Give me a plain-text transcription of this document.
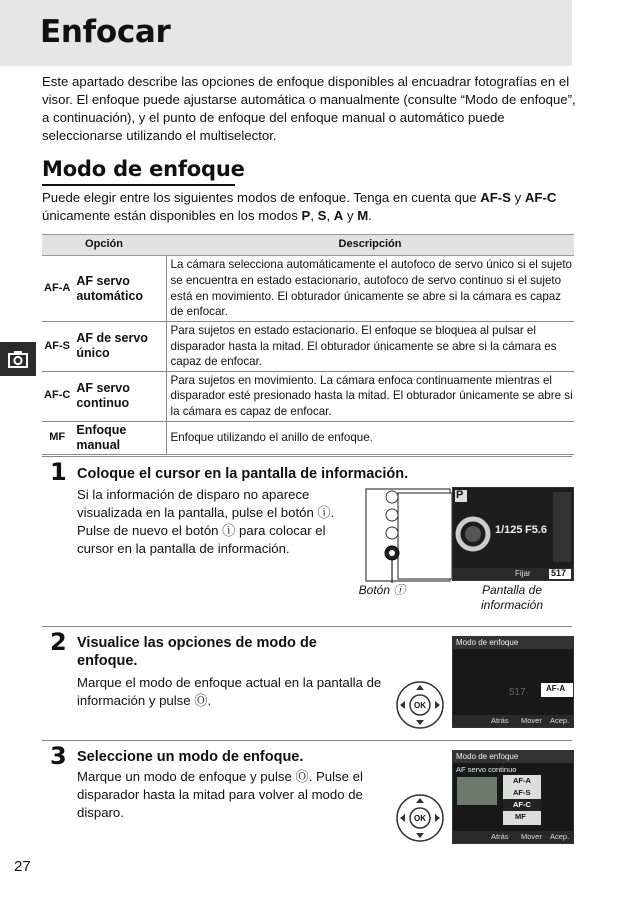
Enfocar
Este apartado describe las opciones de enfoque disponibles al encuadrar fotografías en el visor. El enfoque puede ajustarse automática o manualmente (consulte “Modo de enfoque”, a continuación), y el punto de enfoque del enfoque manual o automático puede seleccionarse utilizando el multiselector.
Modo de enfoque
Puede elegir entre los siguientes modos de enfoque. Tenga en cuenta que AF-S y AF-C únicamente están disponibles en los modos P, S, A y M.
Opción		Descripción
AF-A	AF servo automático	La cámara selecciona automáticamente el autofoco de servo único si el sujeto se encuentra en estado estacionario, autofoco de servo continuo si el sujeto está en movimiento. El obturador únicamente se abre si la cámara es capaz de enfocar.
AF-S	AF de servo único	Para sujetos en estado estacionario. El enfoque se bloquea al pulsar el disparador hasta la mitad. El obturador únicamente se abre si la cámara es capaz de enfocar.
AF-C	AF servo continuo	Para sujetos en movimiento. La cámara enfoca continuamente mientras el disparador esté presionado hasta la mitad. El obturador únicamente se abre si la cámara es capaz de enfocar.
MF	Enfoque manual	Enfoque utilizando el anillo de enfoque.
1 Coloque el cursor en la pantalla de información.
Si la información de disparo no aparece visualizada en la pantalla, pulse el botón ⓘ. Pulse de nuevo el botón ⓘ para colocar el cursor en la pantalla de información.
P
1/125 F5.6
Fijar 517
Botón ⓘ	Pantalla de información
2 Visualice las opciones de modo de enfoque.
Marque el modo de enfoque actual en la pantalla de información y pulse Ⓞ.	OK
Modo de enfoque
AF-A
517
Atrás Mover Acep.
3 Seleccione un modo de enfoque.
Marque un modo de enfoque y pulse Ⓞ. Pulse el disparador hasta la mitad para volver al modo de disparo.	OK
Modo de enfoque
AF servo continuo
AF-A
AF-S
AF-C
MF
Atrás Mover Acep.
27
